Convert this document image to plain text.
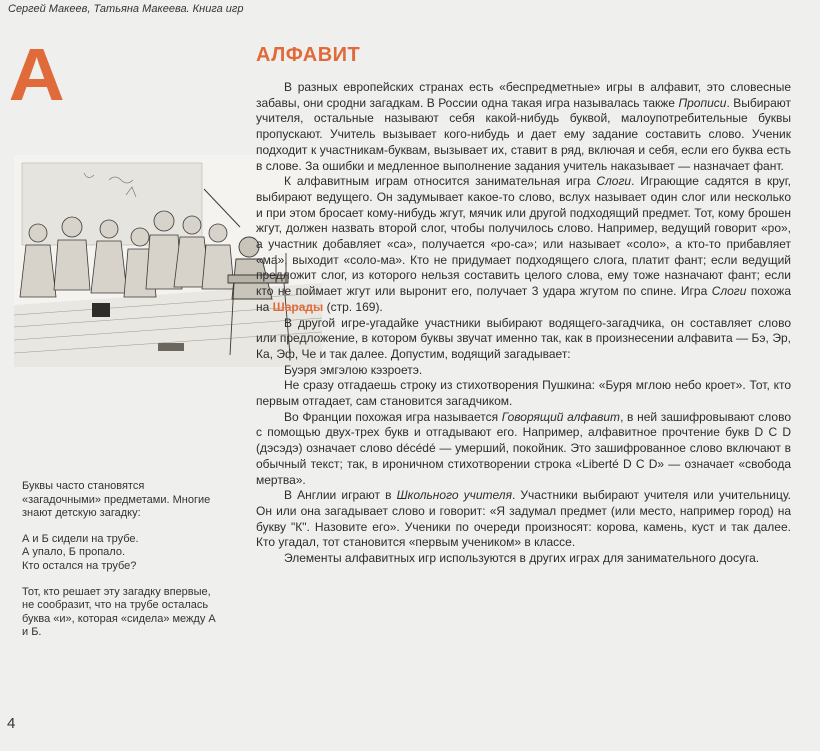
Сергей Макеев, Татьяна Макеева. Книга игр
А	АЛФАВИТ

Буквы часто становятся «загадочными» предметами. Многие знают детскую загадку:

А и Б сидели на трубе.
А упало, Б пропало.
Кто остался на трубе?

Тот, кто решает эту загадку впервые, не сообразит, что на трубе осталась буква «и», которая «сидела» между А и Б.

В разных европейских странах есть «беспредметные» игры в алфавит, это словесные забавы, они сродни загадкам. В России одна такая игра называлась также Прописи. Выбирают учителя, остальные называют себя какой-нибудь буквой, малоупотребительные буквы пропускают. Учитель вызывает кого-нибудь и дает ему задание составить слово. Ученик подходит к участникам-буквам, вызывает их, ставит в ряд, включая и себя, если его буква есть в слове. За ошибки и медленное выполнение задания учитель наказывает — назначает фант.

К алфавитным играм относится занимательная игра Слоги. Играющие садятся в круг, выбирают ведущего. Он задумывает какое-то слово, вслух называет один слог или несколько и при этом бросает кому-нибудь жгут, мячик или другой подходящий предмет. Тот, кому брошен жгут, должен назвать второй слог, чтобы получилось слово. Например, ведущий говорит «ро», а участник добавляет «са», получается «ро-са»; или называет «соло», а кто-то прибавляет «ма», выходит «соло-ма». Кто не придумает подходящего слога, платит фант; если ведущий предложит слог, из которого нельзя составить целого слова, ему тоже назначают фант; если кто не поймает жгут или выронит его, получает 3 удара жгутом по спине. Игра Слоги похожа на Шарады (стр. 169).

В другой игре-угадайке участники выбирают водящего-загадчика, он составляет слово или предложение, в котором буквы звучат именно так, как в произнесении алфавита — Бэ, Эр, Ка, Эф, Че и так далее. Допустим, водящий загадывает:

Буэря эмгэлою кэзроетэ.

Не сразу отгадаешь строку из стихотворения Пушкина: «Буря мглою небо кроет». Тот, кто первым отгадает, сам становится загадчиком.

Во Франции похожая игра называется Говорящий алфавит, в ней зашифровывают слово с помощью двух-трех букв и отгадывают его. Например, алфавитное прочтение букв D C D (дэсэдэ) означает слово décédé — умерший, покойник. Это зашифрованное слово включают в обычный текст; так, в ироничном стихотворении строка «Liberté D C D» — означает «свобода мертва».

В Англии играют в Школьного учителя. Участники выбирают учителя или учительницу. Он или она загадывает слово и говорит: «Я задумал предмет (или место, например город) на букву "К". Назовите его». Ученики по очереди произносят: корова, камень, куст и так далее. Кто угадал, тот становится «первым учеником» в классе.

Элементы алфавитных игр используются в других играх для занимательного досуга.

4
